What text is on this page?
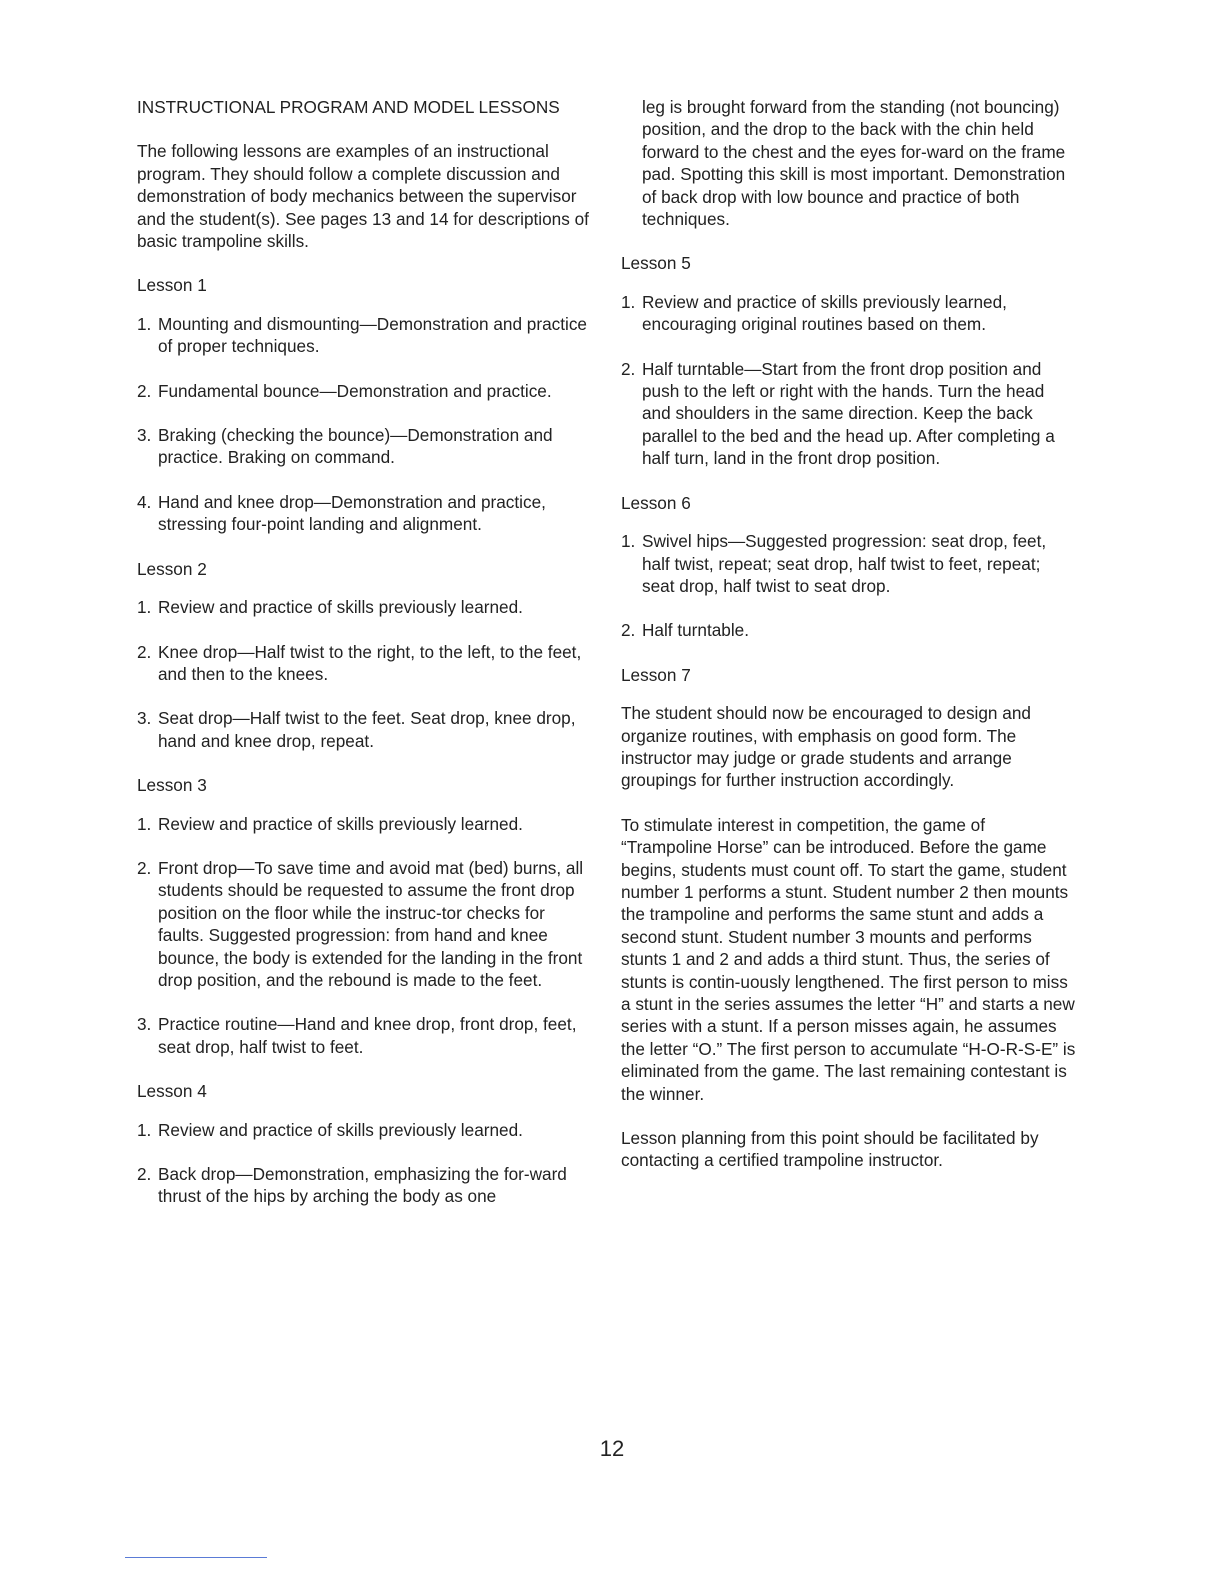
INSTRUCTIONAL PROGRAM AND MODEL LESSONS
The following lessons are examples of an instructional program. They should follow a complete discussion and demonstration of body mechanics between the supervisor and the student(s). See pages 13 and 14 for descriptions of basic trampoline skills.
Lesson 1
1. Mounting and dismounting—Demonstration and practice of proper techniques.
2. Fundamental bounce—Demonstration and practice.
3. Braking (checking the bounce)—Demonstration and practice. Braking on command.
4. Hand and knee drop—Demonstration and practice, stressing four-point landing and alignment.
Lesson 2
1. Review and practice of skills previously learned.
2. Knee drop—Half twist to the right, to the left, to the feet, and then to the knees.
3. Seat drop—Half twist to the feet. Seat drop, knee drop, hand and knee drop, repeat.
Lesson 3
1. Review and practice of skills previously learned.
2. Front drop—To save time and avoid mat (bed) burns, all students should be requested to assume the front drop position on the floor while the instruc-tor checks for faults. Suggested progression: from hand and knee bounce, the body is extended for the landing in the front drop position, and the rebound is made to the feet.
3. Practice routine—Hand and knee drop, front drop, feet, seat drop, half twist to feet.
Lesson 4
1. Review and practice of skills previously learned.
2. Back drop—Demonstration, emphasizing the for-ward thrust of the hips by arching the body as one
leg is brought forward from the standing (not bouncing) position, and the drop to the back with the chin held forward to the chest and the eyes for-ward on the frame pad. Spotting this skill is most important. Demonstration of back drop with low bounce and practice of both techniques.
Lesson 5
1. Review and practice of skills previously learned, encouraging original routines based on them.
2. Half turntable—Start from the front drop position and push to the left or right with the hands. Turn the head and shoulders in the same direction. Keep the back parallel to the bed and the head up. After completing a half turn, land in the front drop position.
Lesson 6
1. Swivel hips—Suggested progression: seat drop, feet, half twist, repeat; seat drop, half twist to feet, repeat; seat drop, half twist to seat drop.
2. Half turntable.
Lesson 7
The student should now be encouraged to design and organize routines, with emphasis on good form. The instructor may judge or grade students and arrange groupings for further instruction accordingly.
To stimulate interest in competition, the game of “Trampoline Horse” can be introduced. Before the game begins, students must count off. To start the game, student number 1 performs a stunt. Student number 2 then mounts the trampoline and performs the same stunt and adds a second stunt. Student number 3 mounts and performs stunts 1 and 2 and adds a third stunt. Thus, the series of stunts is contin-uously lengthened. The first person to miss a stunt in the series assumes the letter “H” and starts a new series with a stunt. If a person misses again, he assumes the letter “O.” The first person to accumulate “H-O-R-S-E” is eliminated from the game. The last remaining contestant is the winner.
Lesson planning from this point should be facilitated by contacting a certified trampoline instructor.
12
